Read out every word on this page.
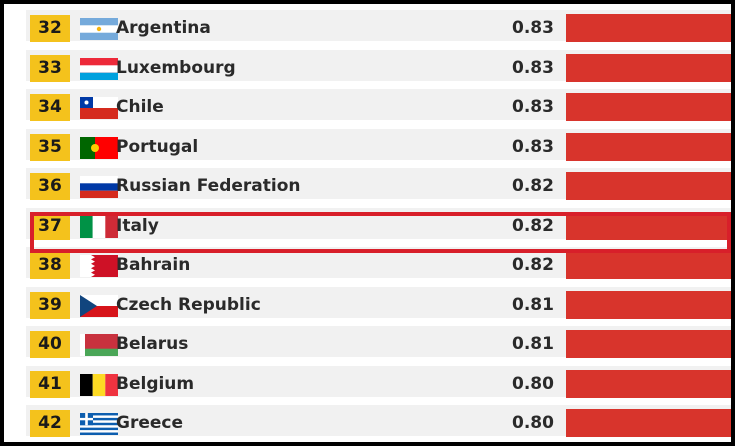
32	Argentina	0.83
33	Luxembourg	0.83
34	Chile	0.83
35	Portugal	0.83
36	Russian Federation	0.82
37	Italy	0.82
38	Bahrain	0.82
39	Czech Republic	0.81
40	Belarus	0.81
41	Belgium	0.80
42	Greece	0.80
